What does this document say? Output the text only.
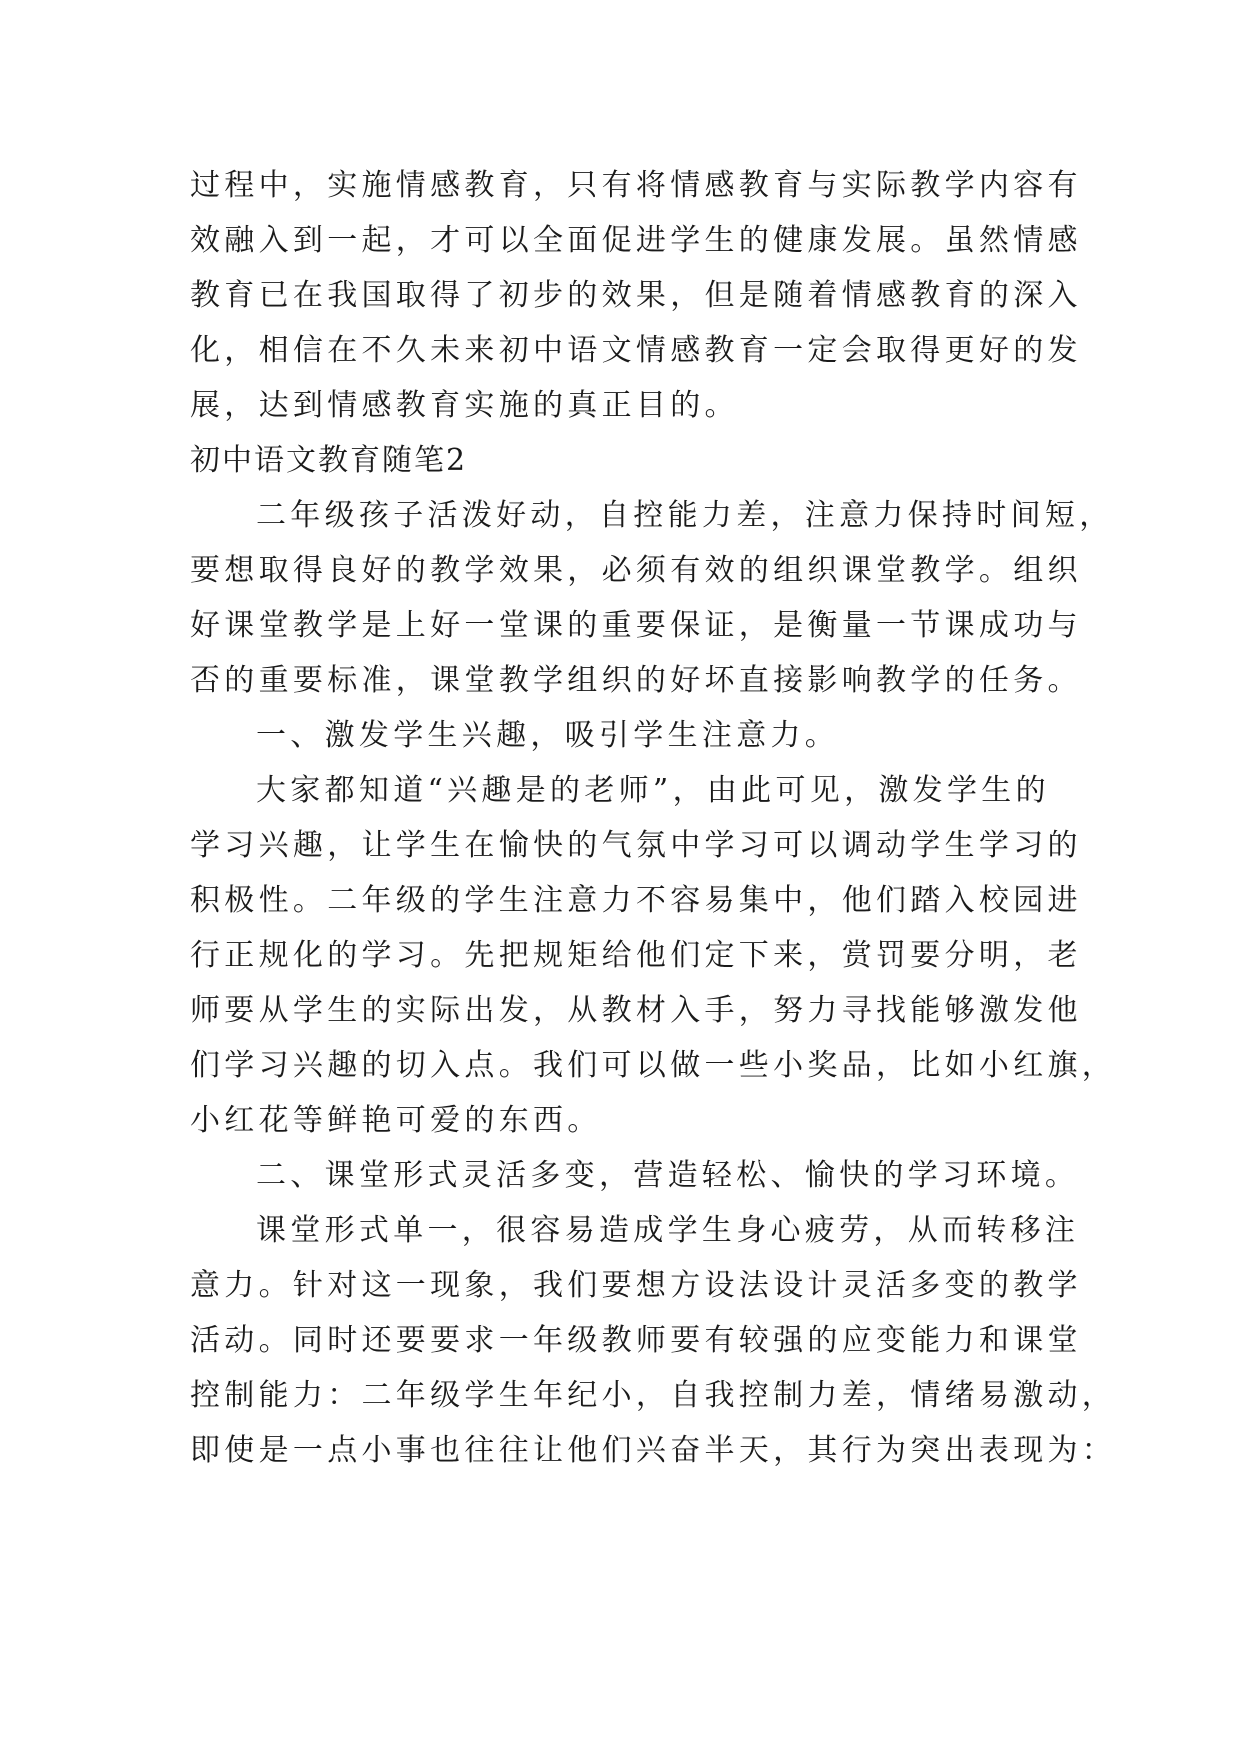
过程中，实施情感教育，只有将情感教育与实际教学内容有
效融入到一起，才可以全面促进学生的健康发展。虽然情感
教育已在我国取得了初步的效果，但是随着情感教育的深入
化，相信在不久未来初中语文情感教育一定会取得更好的发
展，达到情感教育实施的真正目的。
初中语文教育随笔2
二年级孩子活泼好动，自控能力差，注意力保持时间短，
要想取得良好的教学效果，必须有效的组织课堂教学。组织
好课堂教学是上好一堂课的重要保证，是衡量一节课成功与
否的重要标准，课堂教学组织的好坏直接影响教学的任务。
一、激发学生兴趣，吸引学生注意力。
大家都知道“兴趣是的老师”，由此可见，激发学生的
学习兴趣，让学生在愉快的气氛中学习可以调动学生学习的
积极性。二年级的学生注意力不容易集中，他们踏入校园进
行正规化的学习。先把规矩给他们定下来，赏罚要分明，老
师要从学生的实际出发，从教材入手，努力寻找能够激发他
们学习兴趣的切入点。我们可以做一些小奖品，比如小红旗，
小红花等鲜艳可爱的东西。
二、课堂形式灵活多变，营造轻松、愉快的学习环境。
课堂形式单一，很容易造成学生身心疲劳，从而转移注
意力。针对这一现象，我们要想方设法设计灵活多变的教学
活动。同时还要要求一年级教师要有较强的应变能力和课堂
控制能力：二年级学生年纪小，自我控制力差，情绪易激动，
即使是一点小事也往往让他们兴奋半天，其行为突出表现为：
